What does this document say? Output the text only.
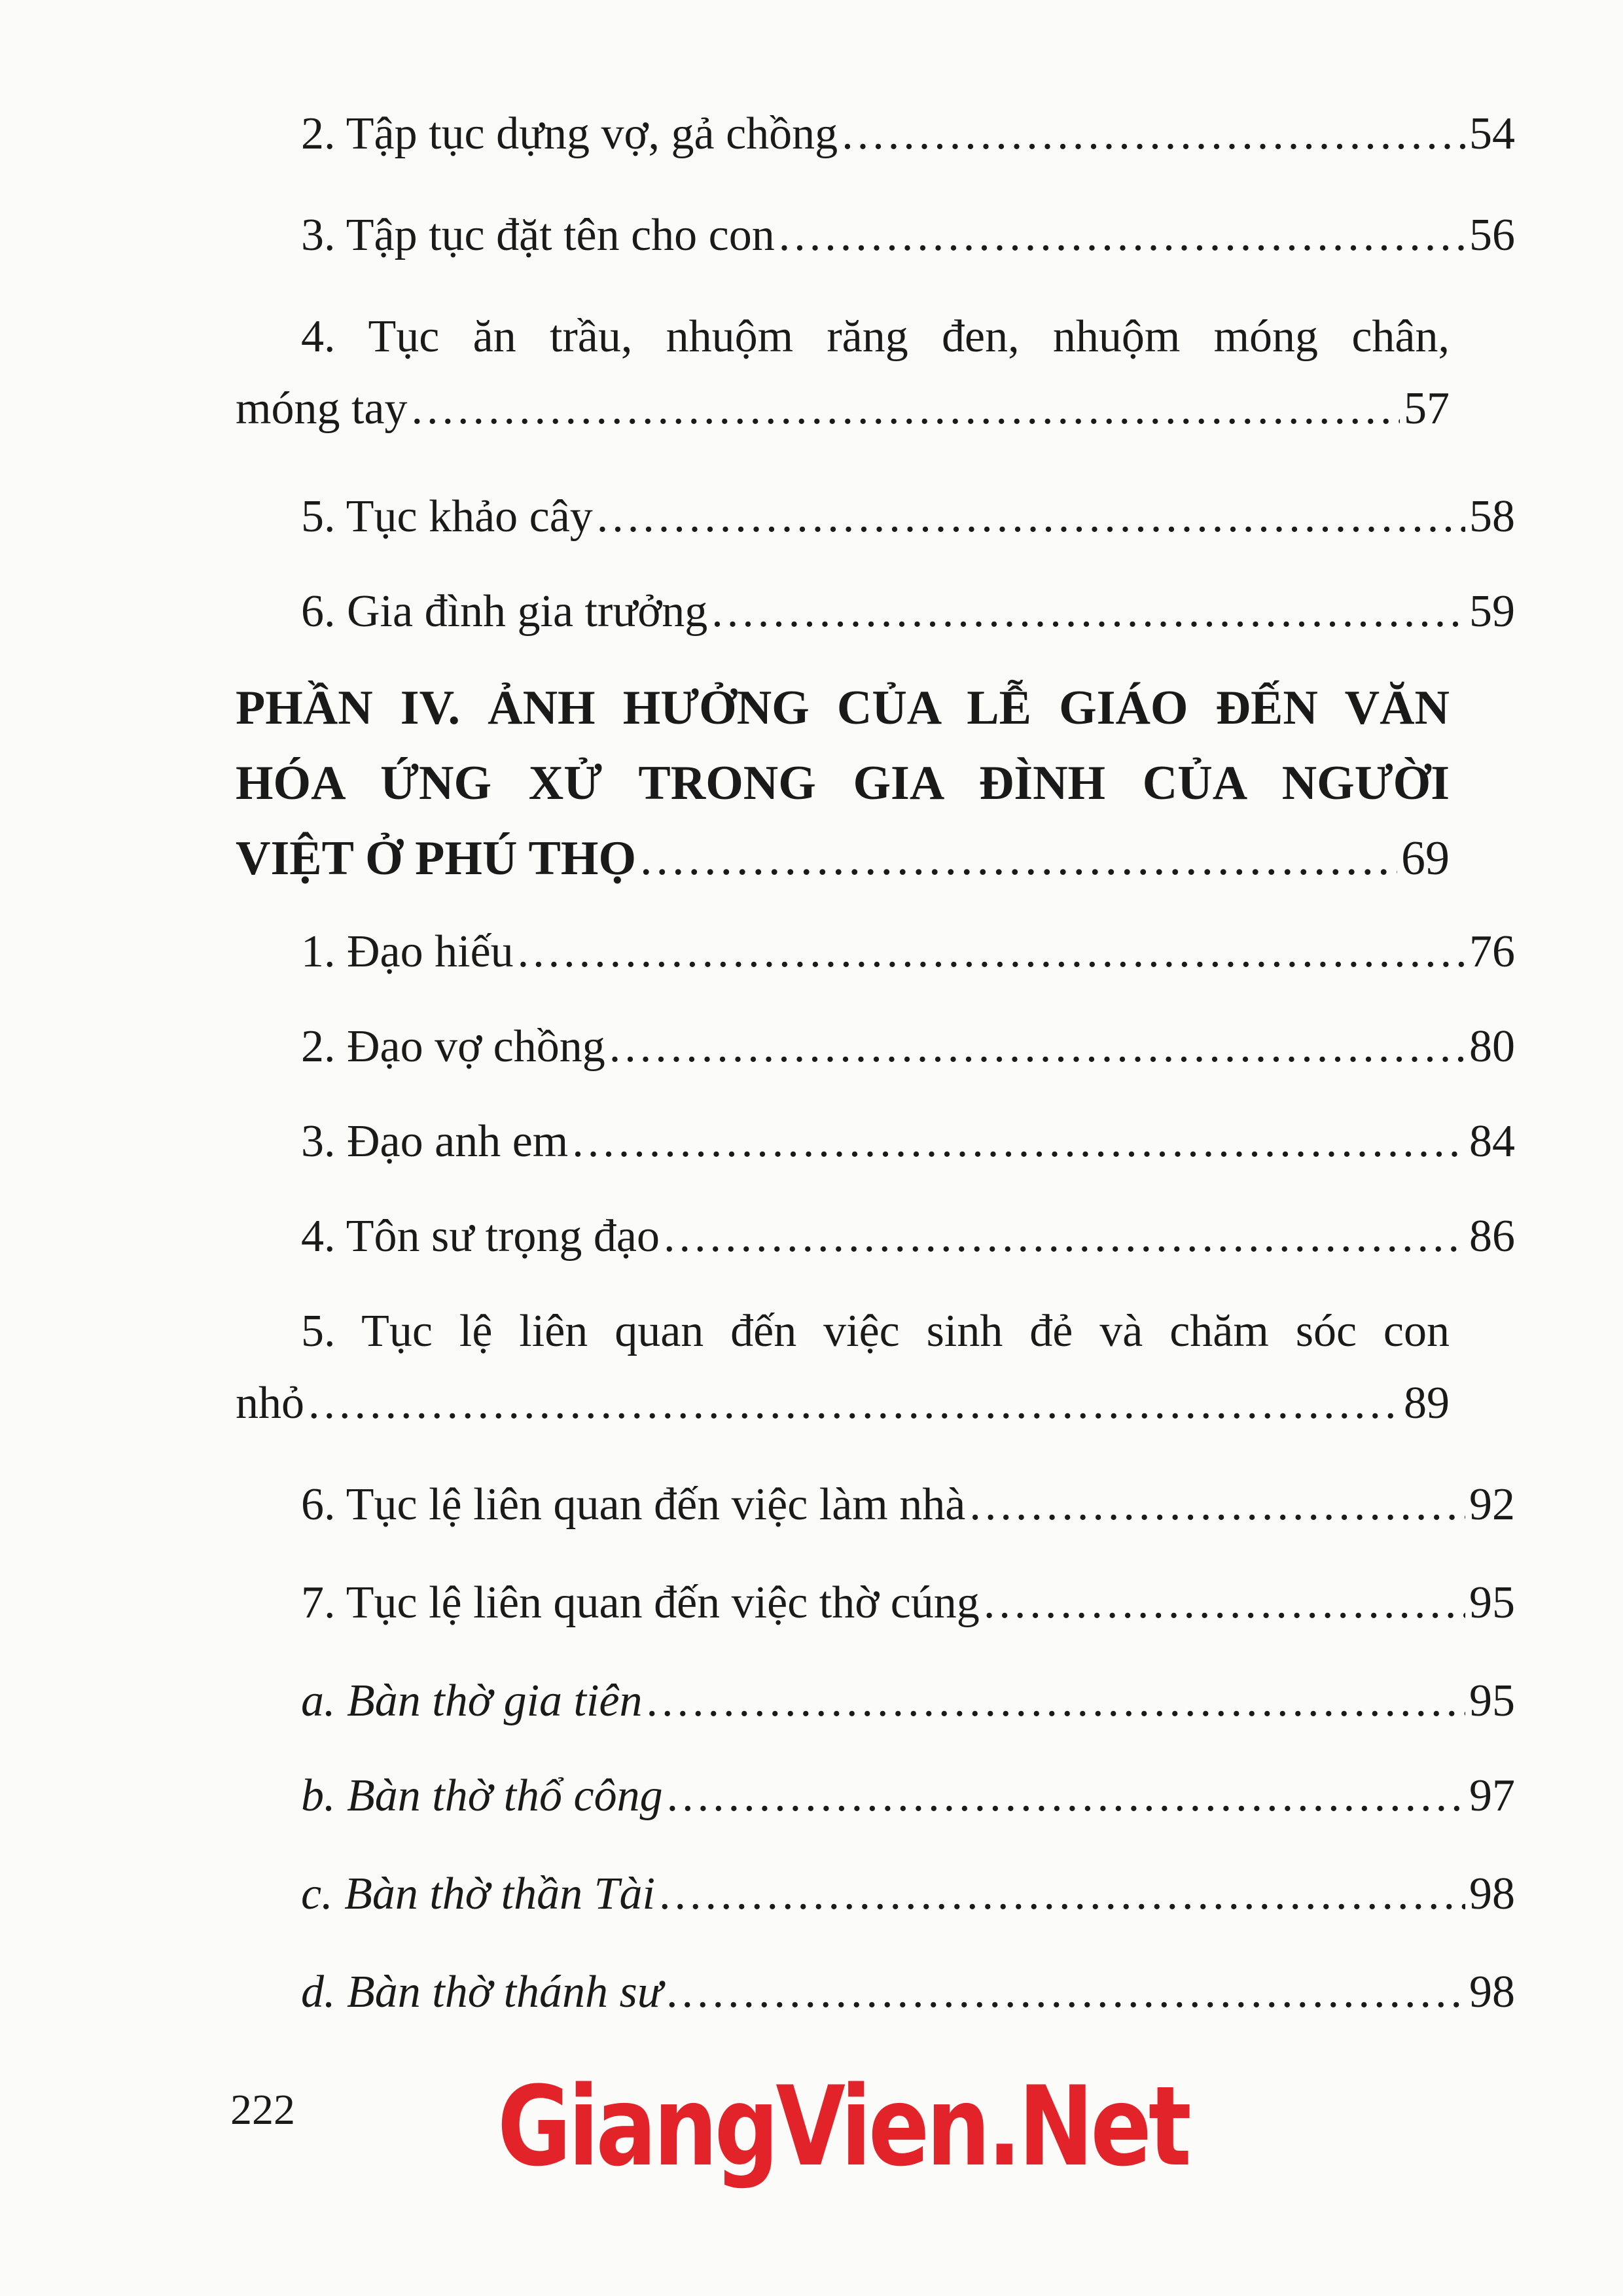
2. Tập tục dựng vợ, gả chồng .....	54
3. Tập tục đặt tên cho con .....	56
4. Tục ăn trầu, nhuộm răng đen, nhuộm móng chân,
móng tay .....	57
5. Tục khảo cây .....	58
6. Gia đình gia trưởng .....	59
PHẦN IV. ẢNH HƯỞNG CỦA LỄ GIÁO ĐẾN VĂN
HÓA ỨNG XỬ TRONG GIA ĐÌNH CỦA NGƯỜI
VIỆT Ở PHÚ THỌ .....	69
1. Đạo hiếu .....	76
2. Đạo vợ chồng .....	80
3. Đạo anh em .....	84
4. Tôn sư trọng đạo .....	86
5. Tục lệ liên quan đến việc sinh đẻ và chăm sóc con
nhỏ .....	89
6. Tục lệ liên quan đến việc làm nhà .....	92
7. Tục lệ liên quan đến việc thờ cúng .....	95
a. Bàn thờ gia tiên .....	95
b. Bàn thờ thổ công .....	97
c. Bàn thờ thần Tài .....	98
d. Bàn thờ thánh sư .....	98
222 GiangVien.Net
